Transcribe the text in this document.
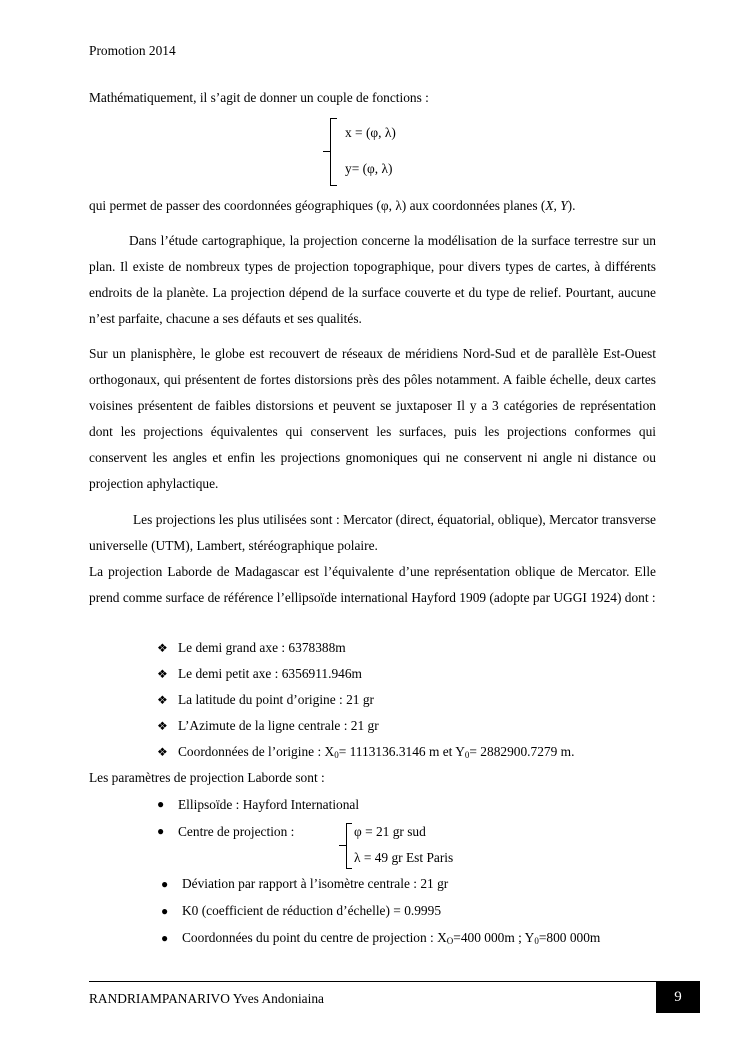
Promotion 2014
Mathématiquement, il s’agit de donner un couple de fonctions :
x = (φ, λ)
y= (φ, λ)
qui permet de passer des coordonnées géographiques (φ, λ) aux coordonnées planes (X, Y).
Dans l’étude cartographique, la projection concerne la modélisation de la surface terrestre sur un plan. Il existe de nombreux types de projection topographique, pour divers types de cartes, à différents endroits de la planète. La projection dépend de la surface couverte et du type de relief. Pourtant, aucune n’est parfaite, chacune a ses défauts et ses qualités.
Sur un planisphère, le globe est recouvert de réseaux de méridiens Nord-Sud et de parallèle Est-Ouest orthogonaux, qui présentent de fortes distorsions près des pôles notamment. A faible échelle, deux cartes voisines présentent de faibles distorsions et peuvent se juxtaposer Il y a 3 catégories de représentation dont les projections équivalentes qui conservent les surfaces, puis les projections conformes qui conservent les angles et enfin les projections gnomoniques qui ne conservent ni angle ni distance ou projection aphylactique.
Les projections les plus utilisées sont : Mercator (direct, équatorial, oblique), Mercator transverse universelle (UTM), Lambert, stéréographique polaire.
La projection Laborde de Madagascar est l’équivalente d’une représentation oblique de Mercator. Elle prend comme surface de référence l’ellipsoïde international Hayford 1909 (adopte par UGGI 1924) dont :
❖ Le demi grand axe : 6378388m
❖ Le demi petit axe : 6356911.946m
❖ La latitude du point d’origine : 21 gr
❖ L’Azimute de la ligne centrale : 21 gr
❖ Coordonnées de l’origine : $X_0= 1113136.3146$ m et $Y_0= 2882900.7279$ m.
Les paramètres de projection Laborde sont :
● Ellipsoïde : Hayford International
● Centre de projection :	φ = 21 gr sud
λ = 49 gr Est Paris
● Déviation par rapport à l’isomètre centrale : 21 gr
● K0 (coefficient de réduction d’échelle) = 0.9995
● Coordonnées du point du centre de projection : $X_O=400$ 000m ; $Y_0=800$ 000m
RANDRIAMPANARIVO Yves Andoniaina	9
